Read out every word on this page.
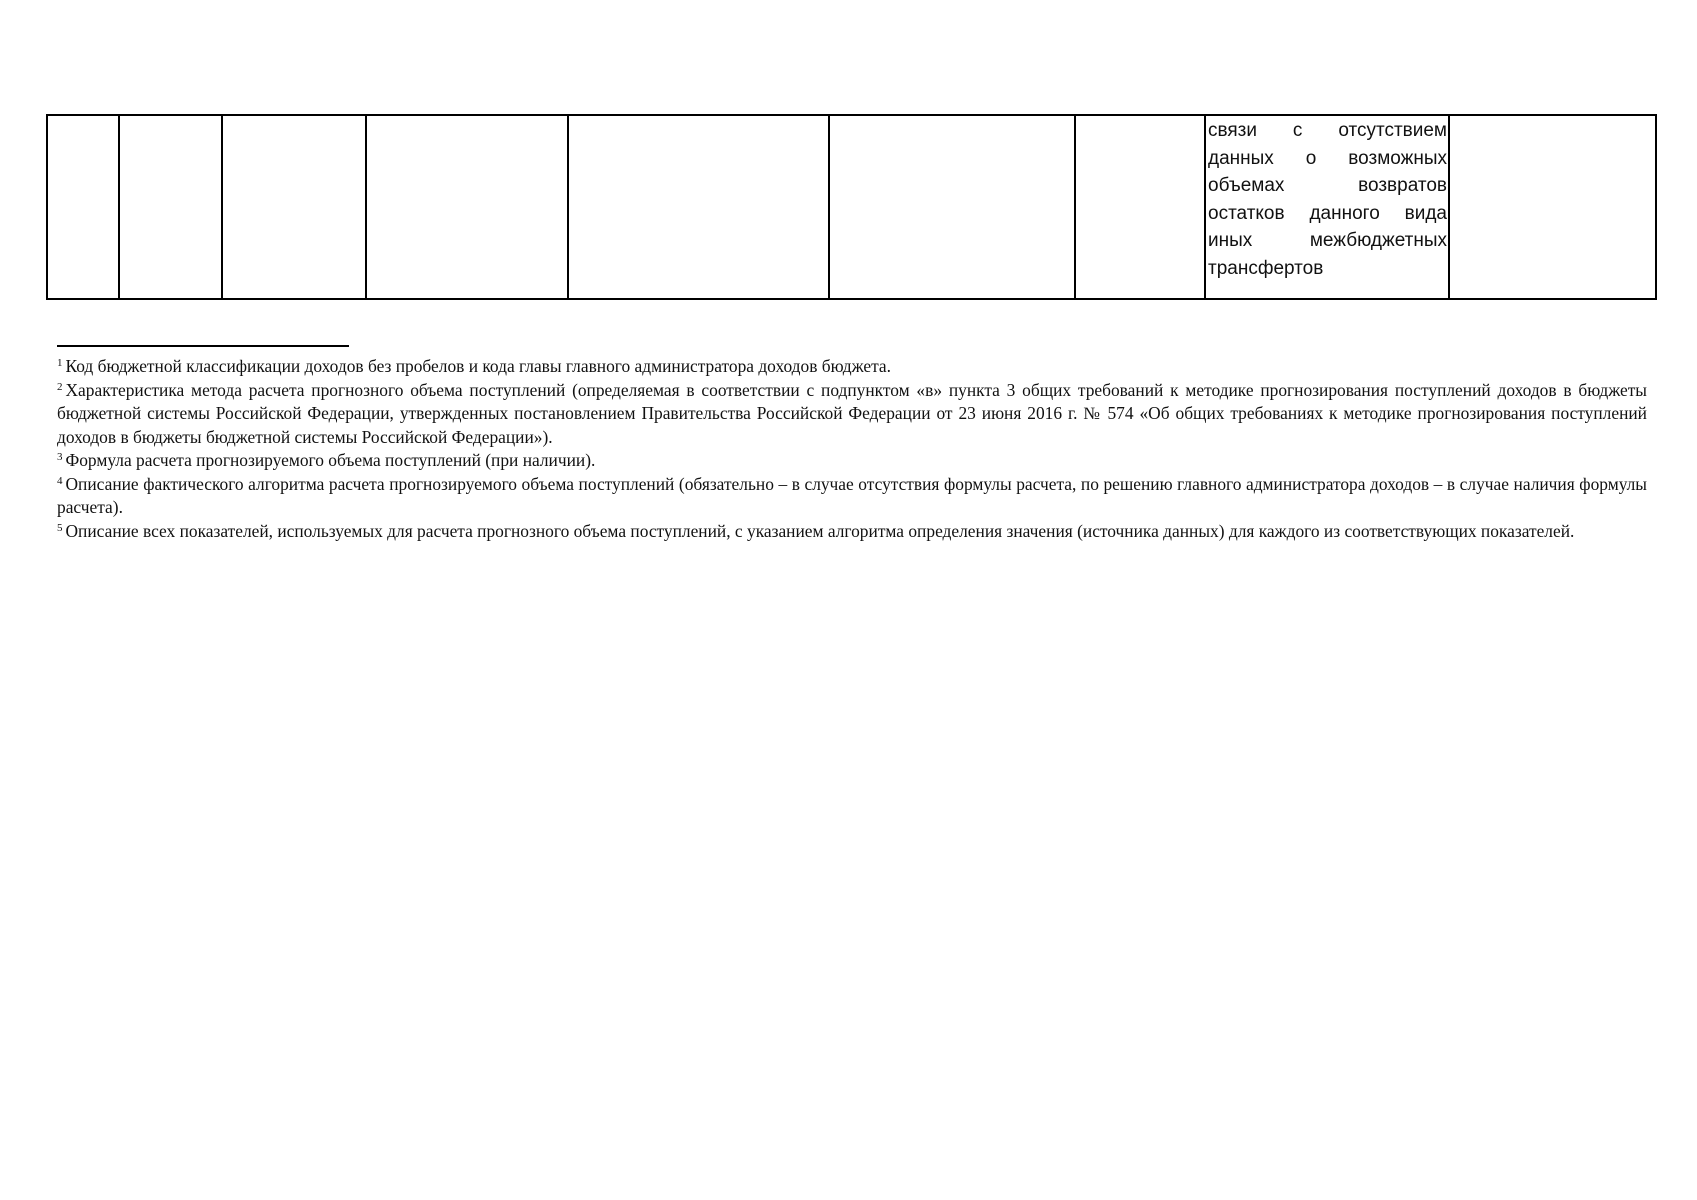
связи с отсутствием данных о возможных объемах возвратов остатков данного вида иных межбюджетных трансфертов

$^1$ Код бюджетной классификации доходов без пробелов и кода главы главного администратора доходов бюджета.

$^2$ Характеристика метода расчета прогнозного объема поступлений (определяемая в соответствии с подпунктом «в» пункта 3 общих требований к методике прогнозирования поступлений доходов в бюджеты бюджетной системы Российской Федерации, утвержденных постановлением Правительства Российской Федерации от 23 июня 2016 г. № 574 «Об общих требованиях к методике прогнозирования поступлений доходов в бюджеты бюджетной системы Российской Федерации»).

$^3$ Формула расчета прогнозируемого объема поступлений (при наличии).

$^4$ Описание фактического алгоритма расчета прогнозируемого объема поступлений (обязательно – в случае отсутствия формулы расчета, по решению главного администратора доходов – в случае наличия формулы расчета).

$^5$ Описание всех показателей, используемых для расчета прогнозного объема поступлений, с указанием алгоритма определения значения (источника данных) для каждого из соответствующих показателей.
